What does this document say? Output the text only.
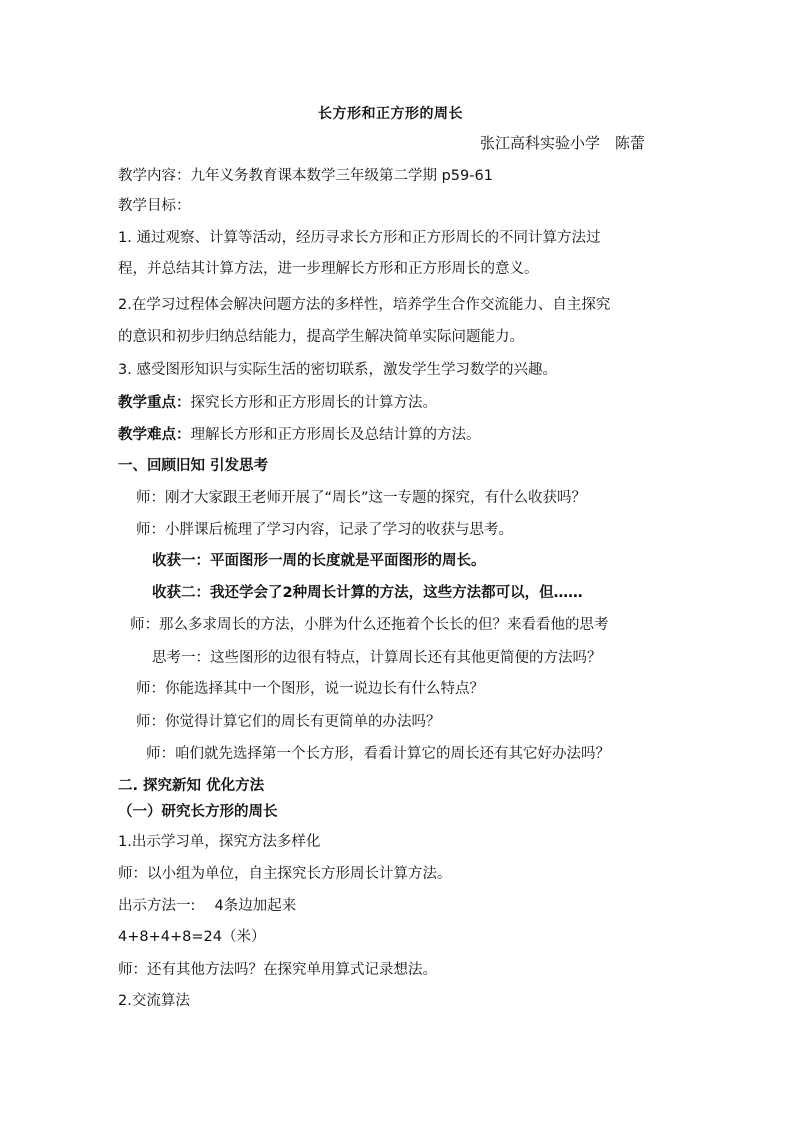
长方形和正方形的周长
张江高科实验小学　陈蕾
教学内容：九年义务教育课本数学三年级第二学期 p59-61
教学目标：
1. 通过观察、计算等活动，经历寻求长方形和正方形周长的不同计算方法过
程，并总结其计算方法，进一步理解长方形和正方形周长的意义。
2.在学习过程体会解决问题方法的多样性，培养学生合作交流能力、自主探究
的意识和初步归纳总结能力，提高学生解决简单实际问题能力。
3. 感受图形知识与实际生活的密切联系，激发学生学习数学的兴趣。
教学重点：探究长方形和正方形周长的计算方法。
教学难点：理解长方形和正方形周长及总结计算的方法。
一、回顾旧知 引发思考
师：刚才大家跟王老师开展了“周长”这一专题的探究，有什么收获吗？
师：小胖课后梳理了学习内容，记录了学习的收获与思考。
收获一：平面图形一周的长度就是平面图形的周长。
收获二：我还学会了2种周长计算的方法，这些方法都可以，但……
师：那么多求周长的方法，小胖为什么还拖着个长长的但？来看看他的思考
思考一：这些图形的边很有特点，计算周长还有其他更简便的方法吗？
师：你能选择其中一个图形，说一说边长有什么特点？
师：你觉得计算它们的周长有更简单的办法吗？
师：咱们就先选择第一个长方形，看看计算它的周长还有其它好办法吗？
二. 探究新知 优化方法
（一）研究长方形的周长
1.出示学习单，探究方法多样化
师：以小组为单位，自主探究长方形周长计算方法。
出示方法一:　 4条边加起来
4+8+4+8=24（米）
师：还有其他方法吗？在探究单用算式记录想法。
2.交流算法
